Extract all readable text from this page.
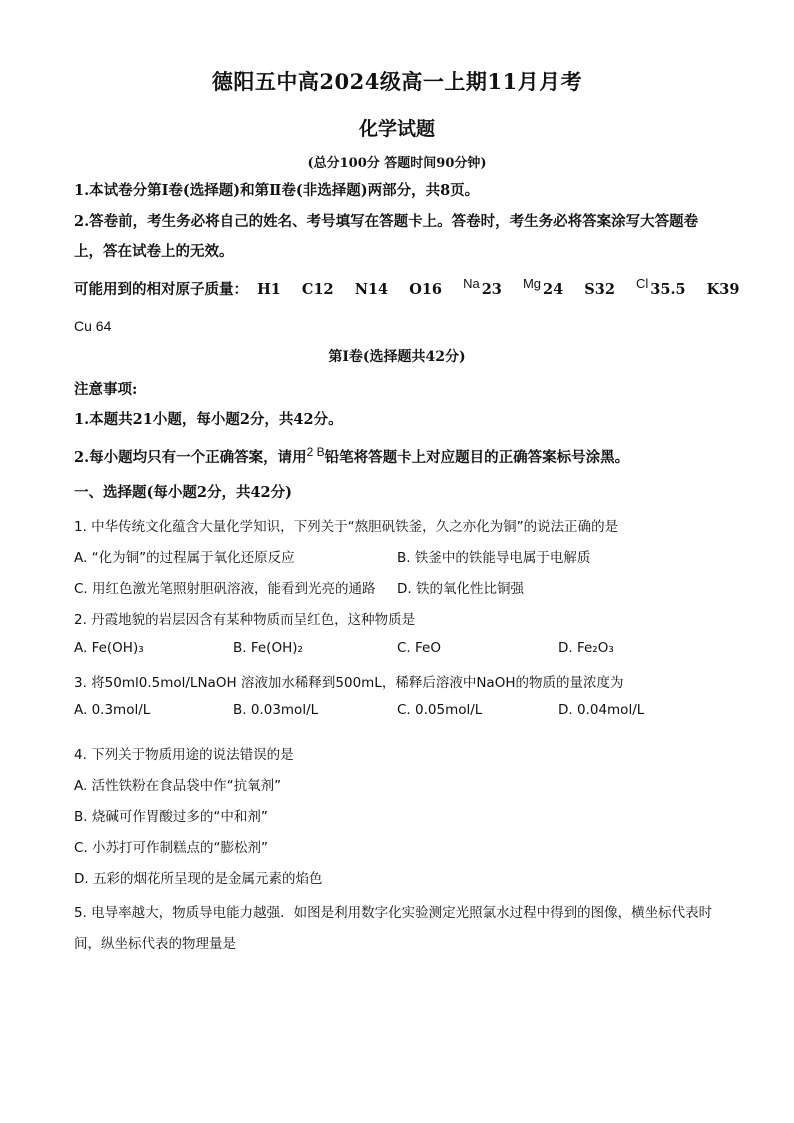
德阳五中高2024级高一上期11月月考
化学试题
(总分100分 答题时间90分钟)
1.本试卷分第Ⅰ卷(选择题)和第Ⅱ卷(非选择题)两部分，共8页。
2.答卷前，考生务必将自己的姓名、考号填写在答题卡上。答卷时，考生务必将答案涂写大答题卷上，答在试卷上的无效。
可能用到的相对原子质量： H1 C12 N14 O16 Na 23 Mg 24 S32 Cl 35.5 K39
Cu 64
第Ⅰ卷(选择题共42分)
注意事项:
1.本题共21小题，每小题2分，共42分。
2.每小题均只有一个正确答案，请用$^{2 B}$铅笔将答题卡上对应题目的正确答案标号涂黑。
一、选择题(每小题2分，共42分)
1. 中华传统文化蕴含大量化学知识，下列关于“熬胆矾铁釜，久之亦化为铜”的说法正确的是
A. “化为铜”的过程属于氧化还原反应	B. 铁釜中的铁能导电属于电解质
C. 用红色激光笔照射胆矾溶液，能看到光亮的通路 D. 铁的氧化性比铜强
2. 丹霞地貌的岩层因含有某种物质而呈红色，这种物质是
A. Fe(OH)₃	B. Fe(OH)₂	C. FeO	D. Fe₂O₃
3. 将50ml0.5mol/LNaOH 溶液加水稀释到500mL，稀释后溶液中NaOH的物质的量浓度为
A. 0.3mol/L	B. 0.03mol/L	C. 0.05mol/L	D. 0.04mol/L
4. 下列关于物质用途的说法错误的是
A. 活性铁粉在食品袋中作“抗氧剂”
B. 烧碱可作胃酸过多的“中和剂”
C. 小苏打可作制糕点的“膨松剂”
D. 五彩的烟花所呈现的是金属元素的焰色
5. 电导率越大，物质导电能力越强．如图是利用数字化实验测定光照氯水过程中得到的图像，横坐标代表时间，纵坐标代表的物理量是
